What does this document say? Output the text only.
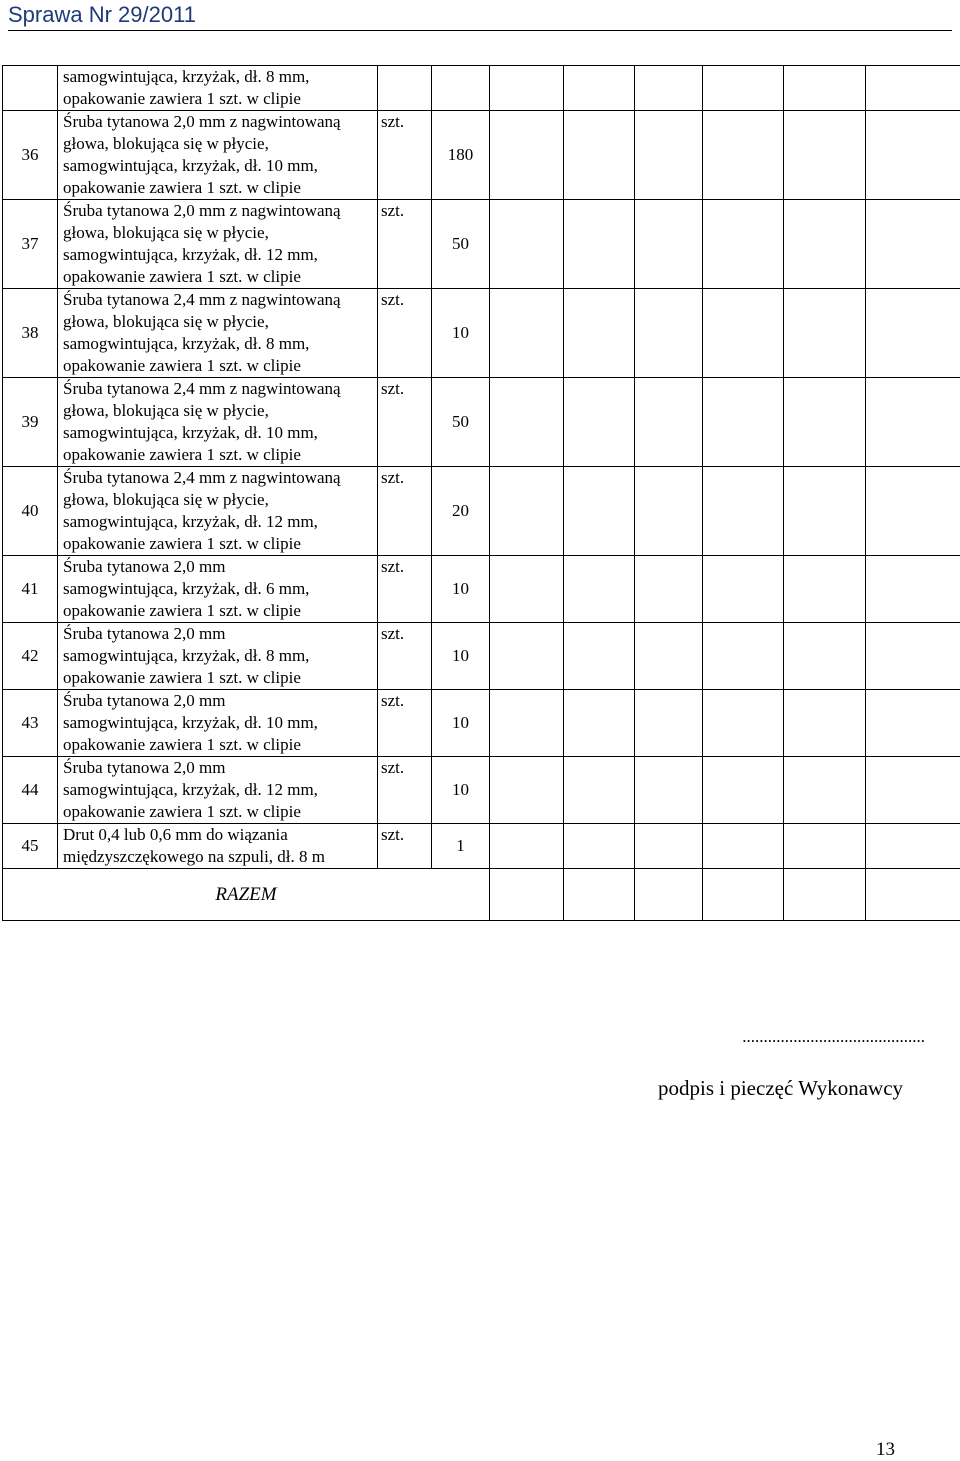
Sprawa Nr 29/2011

	samogwintująca, krzyżak, dł. 8 mm,
opakowanie zawiera 1 szt. w clipie								

36	Śruba tytanowa 2,0 mm z nagwintowaną
głowa, blokująca się w płycie,
samogwintująca, krzyżak, dł. 10 mm,
opakowanie zawiera 1 szt. w clipie	szt.	180						
37	Śruba tytanowa 2,0 mm z nagwintowaną
głowa, blokująca się w płycie,
samogwintująca, krzyżak, dł. 12 mm,
opakowanie zawiera 1 szt. w clipie	szt.	50						
38	Śruba tytanowa 2,4 mm z nagwintowaną
głowa, blokująca się w płycie,
samogwintująca, krzyżak, dł. 8 mm,
opakowanie zawiera 1 szt. w clipie	szt.	10						
39	Śruba tytanowa 2,4 mm z nagwintowaną
głowa, blokująca się w płycie,
samogwintująca, krzyżak, dł. 10 mm,
opakowanie zawiera 1 szt. w clipie	szt.	50						
40	Śruba tytanowa 2,4 mm z nagwintowaną
głowa, blokująca się w płycie,
samogwintująca, krzyżak, dł. 12 mm,
opakowanie zawiera 1 szt. w clipie	szt.	20						
41	Śruba tytanowa 2,0 mm
samogwintująca, krzyżak, dł. 6 mm,
opakowanie zawiera 1 szt. w clipie	szt.	10						
42	Śruba tytanowa 2,0 mm
samogwintująca, krzyżak, dł. 8 mm,
opakowanie zawiera 1 szt. w clipie	szt.	10						
43	Śruba tytanowa 2,0 mm
samogwintująca, krzyżak, dł. 10 mm,
opakowanie zawiera 1 szt. w clipie	szt.	10						
44	Śruba tytanowa 2,0 mm
samogwintująca, krzyżak, dł. 12 mm,
opakowanie zawiera 1 szt. w clipie	szt.	10						
45	Drut 0,4 lub 0,6 mm do wiązania
międzyszczękowego na szpuli, dł. 8 m	szt.	1						
RAZEM									
...........................................
podpis i pieczęć Wykonawcy
13
